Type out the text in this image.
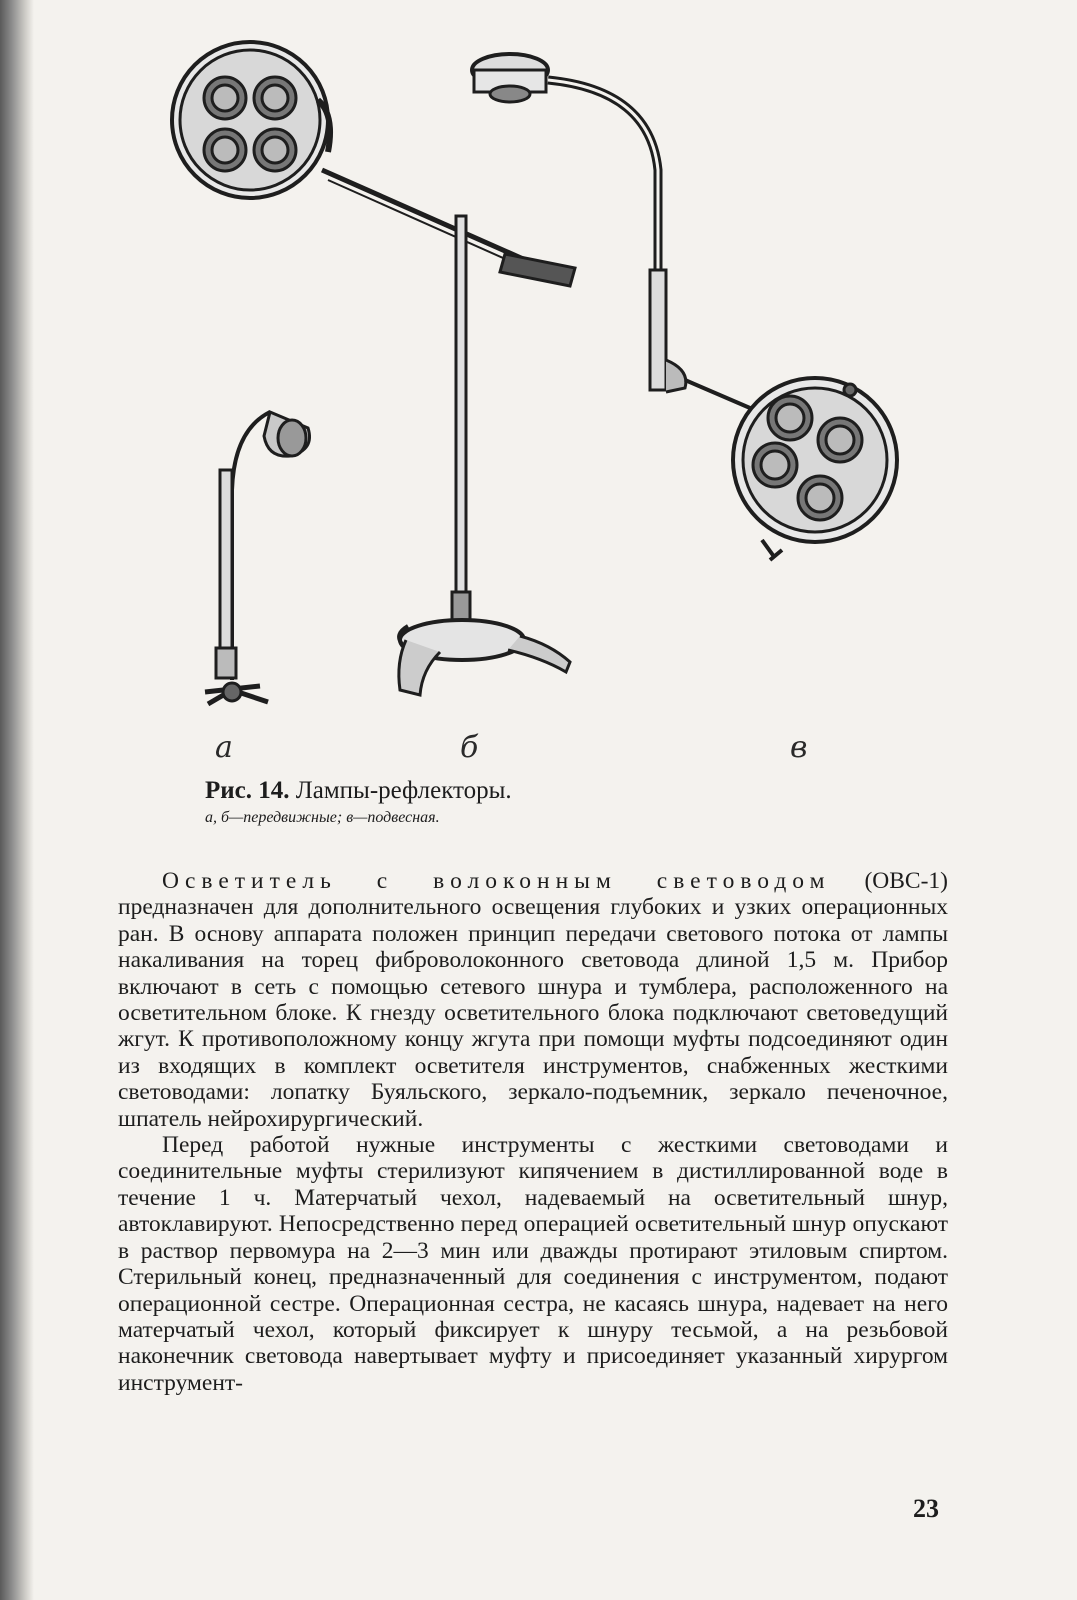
а	б	в
Рис. 14. Лампы-рефлекторы.
а, б—передвижные; в—подвесная.

Осветитель с волоконным световодом (ОВС-1) предназначен для дополнительного освещения глубоких и узких операционных ран. В основу аппарата положен принцип передачи светового потока от лампы накаливания на торец фиброволоконного световода длиной 1,5 м. Прибор включают в сеть с помощью сетевого шнура и тумблера, расположенного на осветительном блоке. К гнезду осветительного блока подключают световедущий жгут. К противоположному концу жгута при помощи муфты подсоединяют один из входящих в комплект осветителя инструментов, снабженных жесткими световодами: лопатку Буяльского, зеркало-подъемник, зеркало печеночное, шпатель нейрохирургический.

Перед работой нужные инструменты с жесткими световодами и соединительные муфты стерилизуют кипячением в дистиллированной воде в течение 1 ч. Матерчатый чехол, надеваемый на осветительный шнур, автоклавируют. Непосредственно перед операцией осветительный шнур опускают в раствор первомура на 2—3 мин или дважды протирают этиловым спиртом. Стерильный конец, предназначенный для соединения с инструментом, подают операционной сестре. Операционная сестра, не касаясь шнура, надевает на него матерчатый чехол, который фиксирует к шнуру тесьмой, а на резьбовой наконечник световода навертывает муфту и присоединяет указанный хирургом инструмент-

23
